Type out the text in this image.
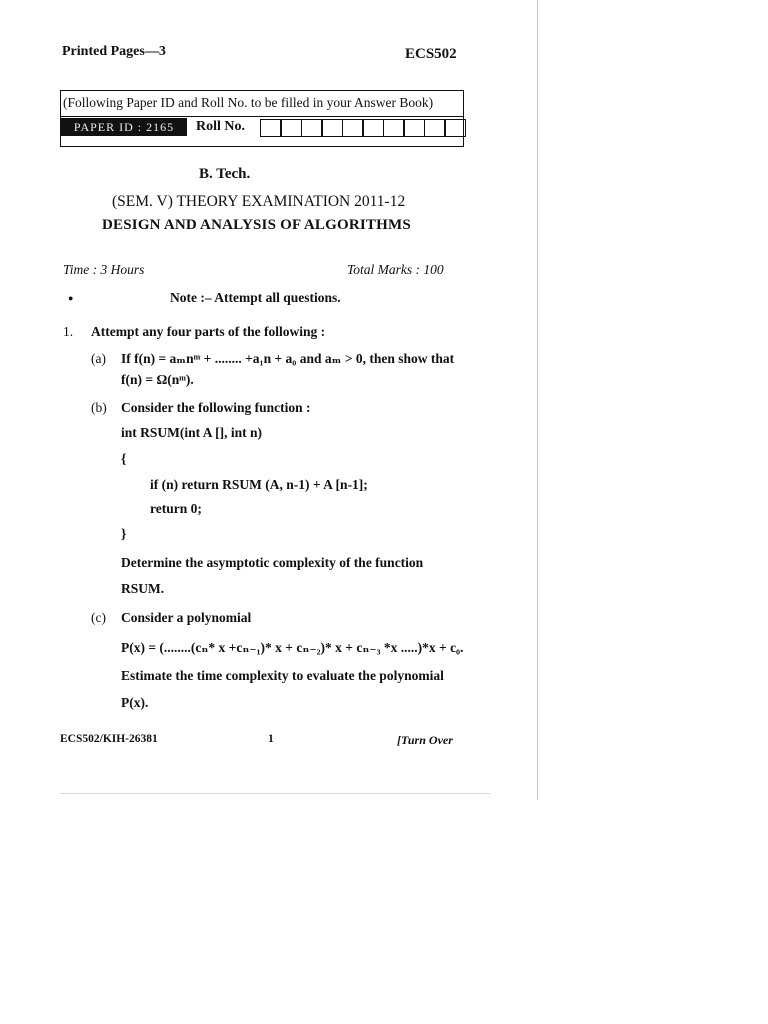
Printed Pages—3	ECS502
(Following Paper ID and Roll No. to be filled in your Answer Book)
PAPER ID : 2165	Roll No.
B. Tech.
(SEM. V) THEORY EXAMINATION 2011-12
DESIGN AND ANALYSIS OF ALGORITHMS
Time : 3 Hours	Total Marks : 100
●	Note :– Attempt all questions.
1. Attempt any four parts of the following :
(a) If f(n) = aₘnᵐ + ........ +a₁n + a₀ and aₘ > 0, then show that
f(n) = Ω(nᵐ).
(b) Consider the following function :
int RSUM(int A [], int n)
{
if (n) return RSUM (A, n-1) + A [n-1];
return 0;
}
Determine the asymptotic complexity of the function
RSUM.
(c) Consider a polynomial
P(x) = (........(cₙ* x +cₙ₋₁)* x + cₙ₋₂)* x + cₙ₋₃ *x .....)*x + c₀.
Estimate the time complexity to evaluate the polynomial
P(x).
ECS502/KIH-26381	1	[Turn Over
